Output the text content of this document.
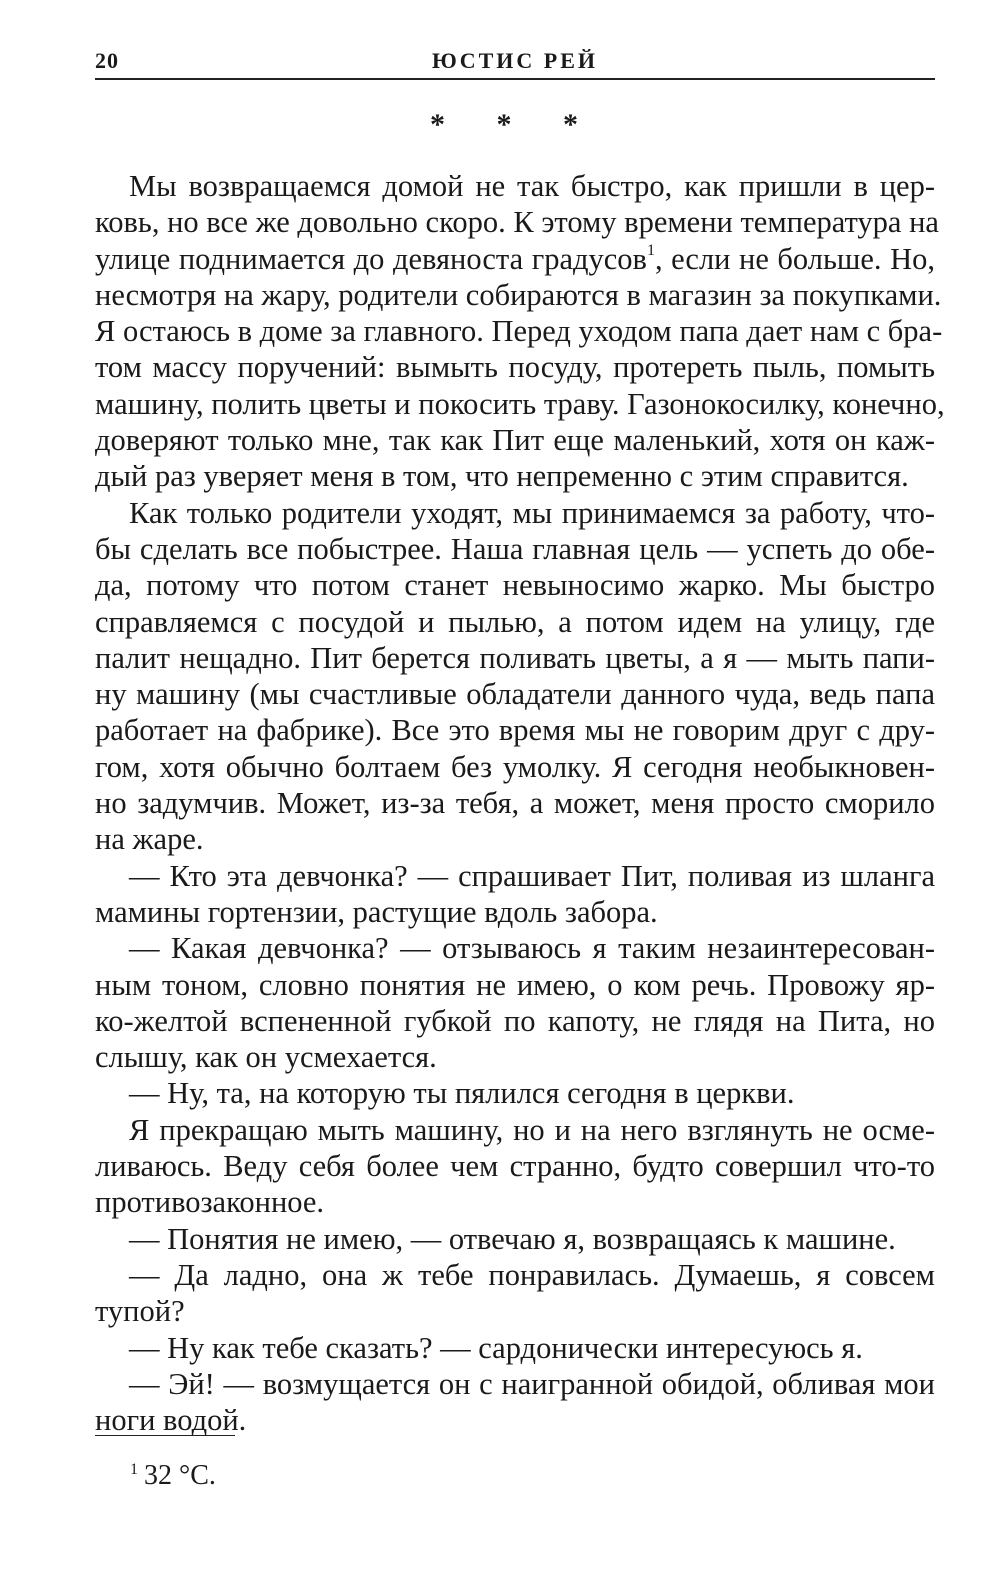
20	ЮСТИС РЕЙ
* * *
Мы возвращаемся домой не так быстро, как пришли в цер-
ковь, но все же довольно скоро. К этому времени температура на
улице поднимается до девяноста градусов$^1$, если не больше. Но,
несмотря на жару, родители собираются в магазин за покупками.
Я остаюсь в доме за главного. Перед уходом папа дает нам с бра-
том массу поручений: вымыть посуду, протереть пыль, помыть
машину, полить цветы и покосить траву. Газонокосилку, конечно,
доверяют только мне, так как Пит еще маленький, хотя он каж-
дый раз уверяет меня в том, что непременно с этим справится.
Как только родители уходят, мы принимаемся за работу, что-
бы сделать все побыстрее. Наша главная цель — успеть до обе-
да, потому что потом станет невыносимо жарко. Мы быстро
справляемся с посудой и пылью, а потом идем на улицу, где
палит нещадно. Пит берется поливать цветы, а я — мыть папи-
ну машину (мы счастливые обладатели данного чуда, ведь папа
работает на фабрике). Все это время мы не говорим друг с дру-
гом, хотя обычно болтаем без умолку. Я сегодня необыкновен-
но задумчив. Может, из-за тебя, а может, меня просто сморило
на жаре.
— Кто эта девчонка? — спрашивает Пит, поливая из шланга
мамины гортензии, растущие вдоль забора.
— Какая девчонка? — отзываюсь я таким незаинтересован-
ным тоном, словно понятия не имею, о ком речь. Провожу яр-
ко-желтой вспененной губкой по капоту, не глядя на Пита, но
слышу, как он усмехается.
— Ну, та, на которую ты пялился сегодня в церкви.
Я прекращаю мыть машину, но и на него взглянуть не осме-
ливаюсь. Веду себя более чем странно, будто совершил что-то
противозаконное.
— Понятия не имею, — отвечаю я, возвращаясь к машине.
— Да ладно, она ж тебе понравилась. Думаешь, я совсем
тупой?
— Ну как тебе сказать? — сардонически интересуюсь я.
— Эй! — возмущается он с наигранной обидой, обливая мои
ноги водой.
$^1$ 32 °С.
